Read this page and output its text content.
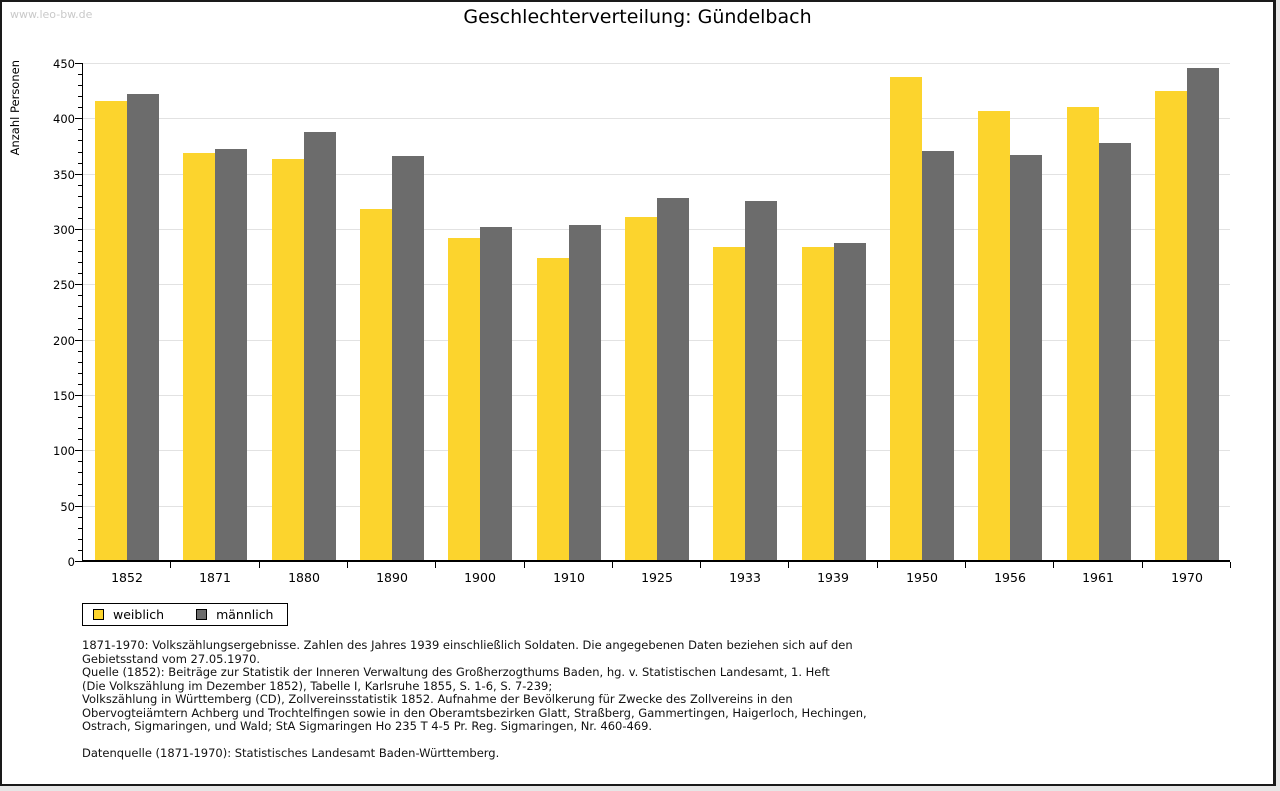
www.leo-bw.de	Geschlechterverteilung: Gündelbach
Anzahl Personen
0
50
100
150
200
250
300
350
400
450
1852	1871	1880	1890	1900	1910	1925	1933	1939	1950	1956	1961	1970
weiblich	männlich
1871-1970: Volkszählungsergebnisse. Zahlen des Jahres 1939 einschließlich Soldaten. Die angegebenen Daten beziehen sich auf den
Gebietsstand vom 27.05.1970.
Quelle (1852): Beiträge zur Statistik der Inneren Verwaltung des Großherzogthums Baden, hg. v. Statistischen Landesamt, 1. Heft
(Die Volkszählung im Dezember 1852), Tabelle I, Karlsruhe 1855, S. 1-6, S. 7-239;
Volkszählung in Württemberg (CD), Zollvereinsstatistik 1852. Aufnahme der Bevölkerung für Zwecke des Zollvereins in den
Obervogteiämtern Achberg und Trochtelfingen sowie in den Oberamtsbezirken Glatt, Straßberg, Gammertingen, Haigerloch, Hechingen,
Ostrach, Sigmaringen, und Wald; StA Sigmaringen Ho 235 T 4-5 Pr. Reg. Sigmaringen, Nr. 460-469.
Datenquelle (1871-1970): Statistisches Landesamt Baden-Württemberg.
